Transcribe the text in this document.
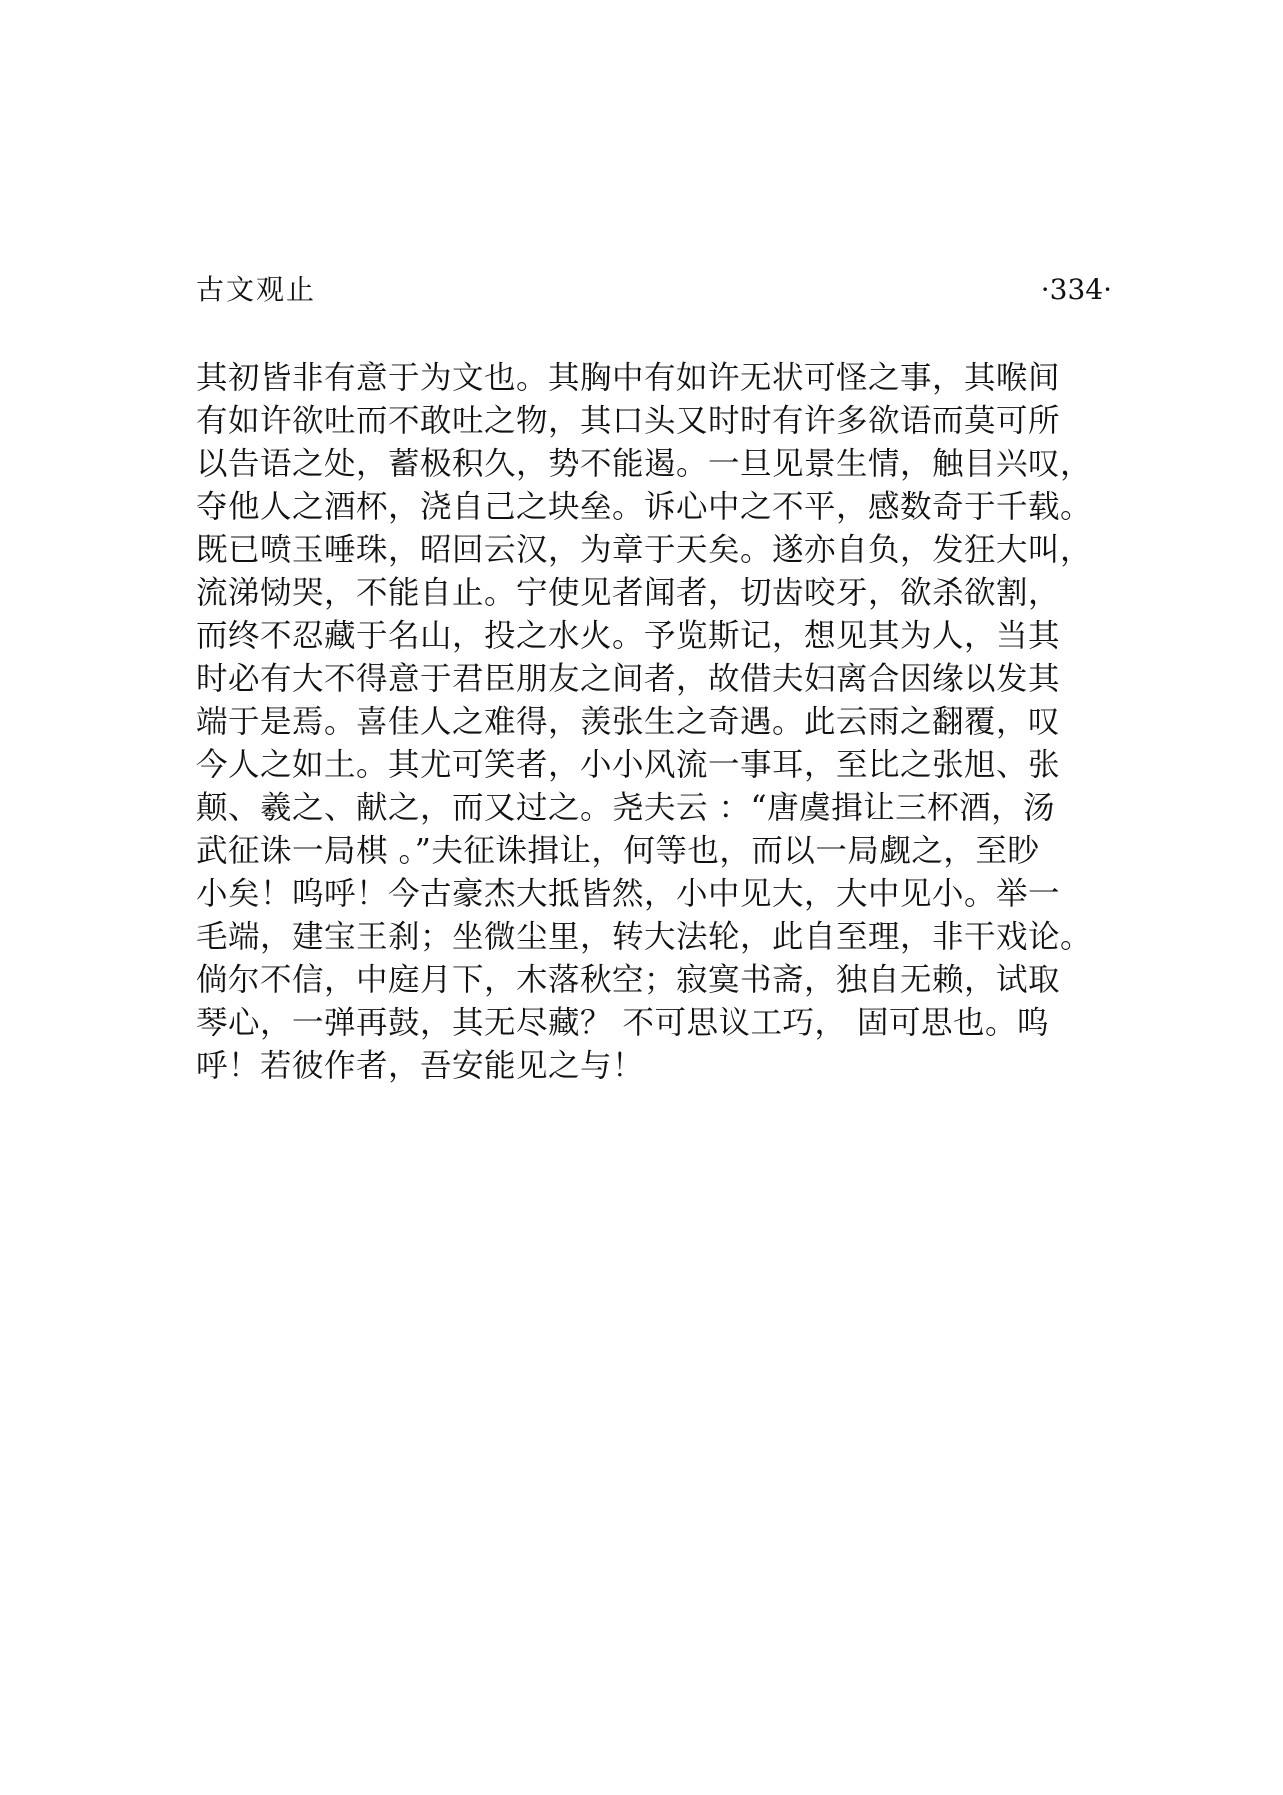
古文观止	·334·
其初皆非有意于为文也。其胸中有如许无状可怪之事，其喉间
有如许欲吐而不敢吐之物，其口头又时时有许多欲语而莫可所
以告语之处，蓄极积久，势不能遏。一旦见景生情，触目兴叹，
夺他人之酒杯，浇自己之块垒。诉心中之不平，感数奇于千载。
既已喷玉唾珠，昭回云汉，为章于天矣。遂亦自负，发狂大叫，
流涕恸哭，不能自止。宁使见者闻者，切齿咬牙，欲杀欲割，
而终不忍藏于名山，投之水火。予览斯记，想见其为人，当其
时必有大不得意于君臣朋友之间者，故借夫妇离合因缘以发其
端于是焉。喜佳人之难得，羡张生之奇遇。此云雨之翻覆，叹
今人之如土。其尤可笑者，小小风流一事耳，至比之张旭、张
颠、羲之、献之，而又过之。尧夫云 ：“唐虞揖让三杯酒，汤
武征诛一局棋 。”夫征诛揖让，何等也，而以一局觑之，至眇
小矣！呜呼！今古豪杰大抵皆然，小中见大，大中见小。举一
毛端，建宝王刹；坐微尘里，转大法轮，此自至理，非干戏论。
倘尔不信，中庭月下，木落秋空；寂寞书斋，独自无赖，试取
琴心，一弹再鼓，其无尽藏？ 不可思议工巧， 固可思也。呜
呼！若彼作者，吾安能见之与！
